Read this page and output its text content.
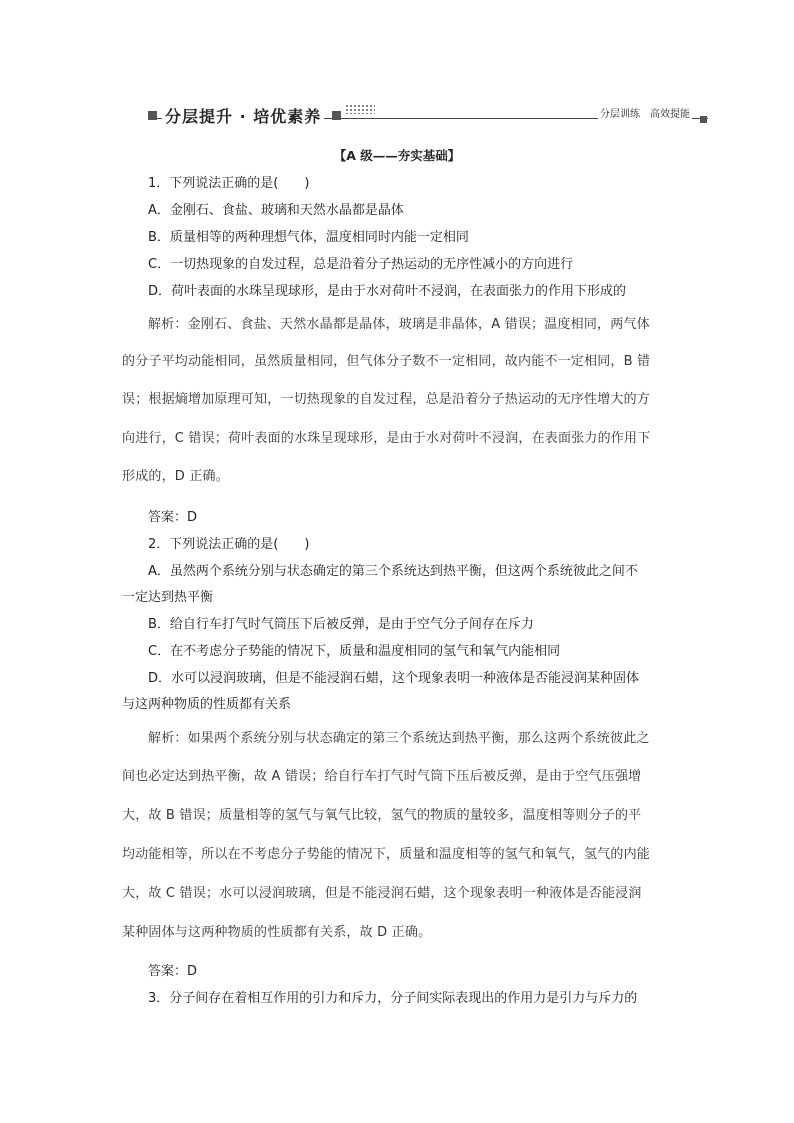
分层提升 · 培优素养	分层训练　高效提能
【A 级——夯实基础】
1．下列说法正确的是(　　)
A．金刚石、食盐、玻璃和天然水晶都是晶体
B．质量相等的两种理想气体，温度相同时内能一定相同
C．一切热现象的自发过程，总是沿着分子热运动的无序性减小的方向进行
D．荷叶表面的水珠呈现球形，是由于水对荷叶不浸润，在表面张力的作用下形成的
解析：金刚石、食盐、天然水晶都是晶体，玻璃是非晶体，A 错误；温度相同，两气体
的分子平均动能相同，虽然质量相同，但气体分子数不一定相同，故内能不一定相同，B 错
误；根据熵增加原理可知，一切热现象的自发过程，总是沿着分子热运动的无序性增大的方
向进行，C 错误；荷叶表面的水珠呈现球形，是由于水对荷叶不浸润，在表面张力的作用下
形成的，D 正确。
答案：D
2．下列说法正确的是(　　)
A．虽然两个系统分别与状态确定的第三个系统达到热平衡，但这两个系统彼此之间不
一定达到热平衡
B．给自行车打气时气筒压下后被反弹，是由于空气分子间存在斥力
C．在不考虑分子势能的情况下，质量和温度相同的氢气和氧气内能相同
D．水可以浸润玻璃，但是不能浸润石蜡，这个现象表明一种液体是否能浸润某种固体
与这两种物质的性质都有关系
解析：如果两个系统分别与状态确定的第三个系统达到热平衡，那么这两个系统彼此之
间也必定达到热平衡，故 A 错误；给自行车打气时气筒下压后被反弹，是由于空气压强增
大，故 B 错误；质量相等的氢气与氧气比较，氢气的物质的量较多，温度相等则分子的平
均动能相等，所以在不考虑分子势能的情况下，质量和温度相等的氢气和氧气，氢气的内能
大，故 C 错误；水可以浸润玻璃，但是不能浸润石蜡，这个现象表明一种液体是否能浸润
某种固体与这两种物质的性质都有关系，故 D 正确。
答案：D
3．分子间存在着相互作用的引力和斥力，分子间实际表现出的作用力是引力与斥力的
